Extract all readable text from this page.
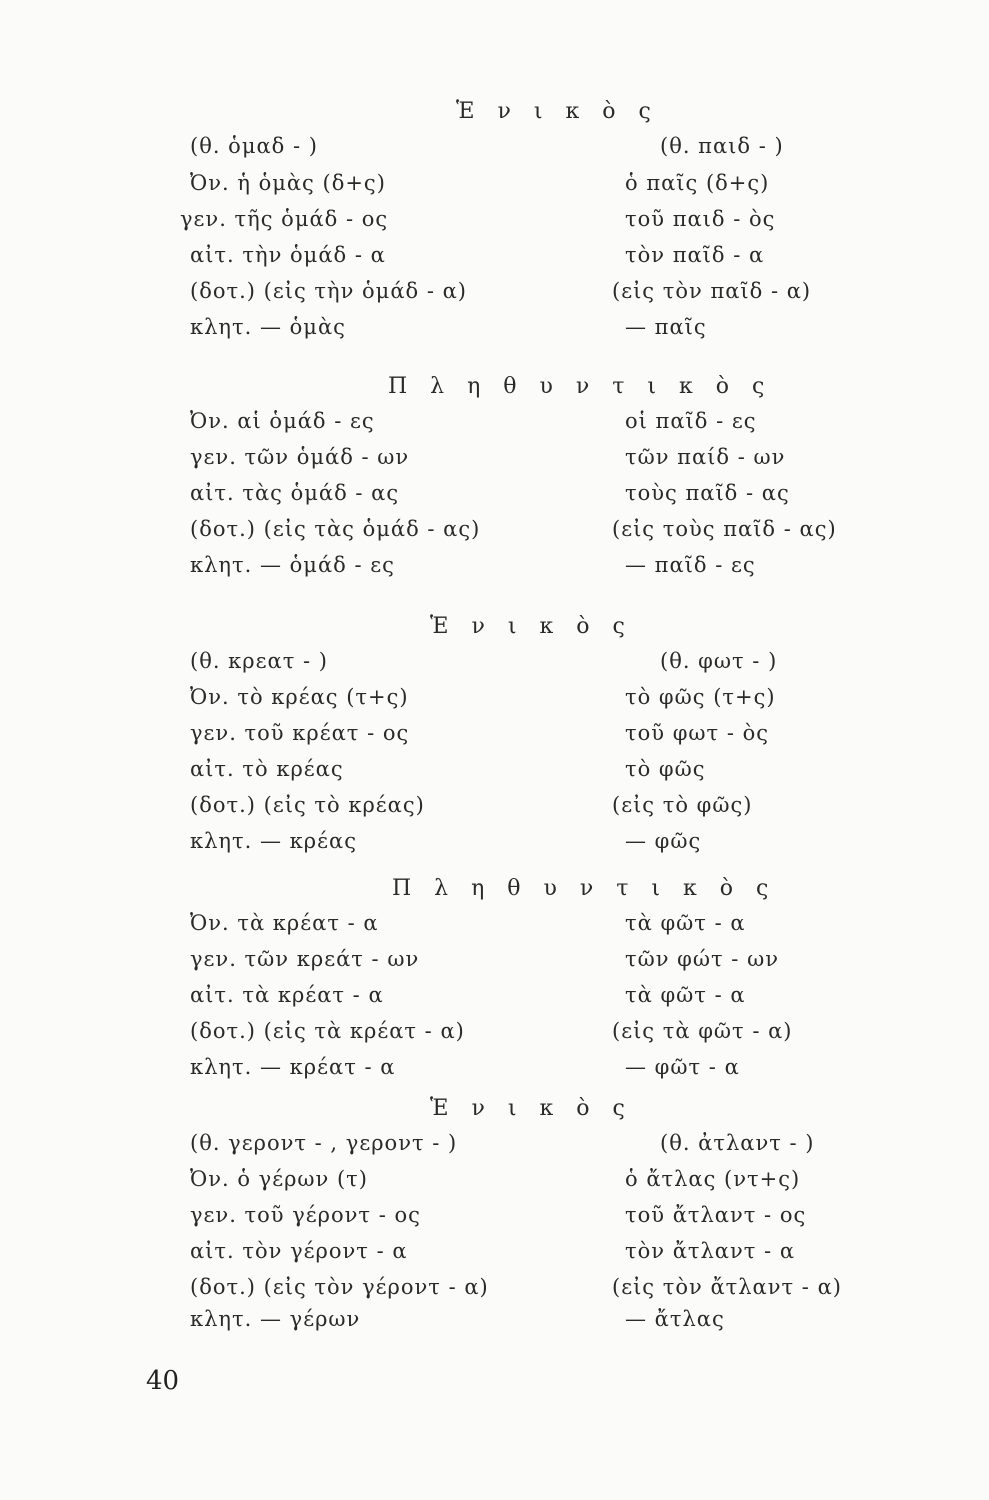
Ἑ ν ι κ ὸ ς
(θ. ὁμαδ - )
Ὀν. ἡ ὁμὰς (δ+ς)
γεν. τῆς ὁμάδ - ος
αἰτ. τὴν ὁμάδ - α
(δοτ.) (εἰς τὴν ὁμάδ - α)
κλητ. — ὁμὰς
(θ. παιδ - )
ὁ παῖς (δ+ς)
τοῦ παιδ - ὸς
τὸν παῖδ - α
(εἰς τὸν παῖδ - α)
— παῖς
Π λ η θ υ ν τ ι κ ὸ ς
Ὀν. αἱ ὁμάδ - ες
γεν. τῶν ὁμάδ - ων
αἰτ. τὰς ὁμάδ - ας
(δοτ.) (εἰς τὰς ὁμάδ - ας)
κλητ. — ὁμάδ - ες
οἱ παῖδ - ες
τῶν παίδ - ων
τοὺς παῖδ - ας
(εἰς τοὺς παῖδ - ας)
— παῖδ - ες
Ἑ ν ι κ ὸ ς
(θ. κρεατ - )
Ὀν. τὸ κρέας (τ+ς)
γεν. τοῦ κρέατ - ος
αἰτ. τὸ κρέας
(δοτ.) (εἰς τὸ κρέας)
κλητ. — κρέας
(θ. φωτ - )
τὸ φῶς (τ+ς)
τοῦ φωτ - ὸς
τὸ φῶς
(εἰς τὸ φῶς)
— φῶς
Π λ η θ υ ν τ ι κ ὸ ς
Ὀν. τὰ κρέατ - α
γεν. τῶν κρεάτ - ων
αἰτ. τὰ κρέατ - α
(δοτ.) (εἰς τὰ κρέατ - α)
κλητ. — κρέατ - α
τὰ φῶτ - α
τῶν φώτ - ων
τὰ φῶτ - α
(εἰς τὰ φῶτ - α)
— φῶτ - α
Ἑ ν ι κ ὸ ς
(θ. γεροντ - , γεροντ - )
Ὀν. ὁ γέρων (τ)
γεν. τοῦ γέροντ - ος
αἰτ. τὸν γέροντ - α
(δοτ.) (εἰς τὸν γέροντ - α)
κλητ. — γέρων
(θ. ἀτλαντ - )
ὁ ἄτλας (ντ+ς)
τοῦ ἄτλαντ - ος
τὸν ἄτλαντ - α
(εἰς τὸν ἄτλαντ - α)
— ἄτλας
40
